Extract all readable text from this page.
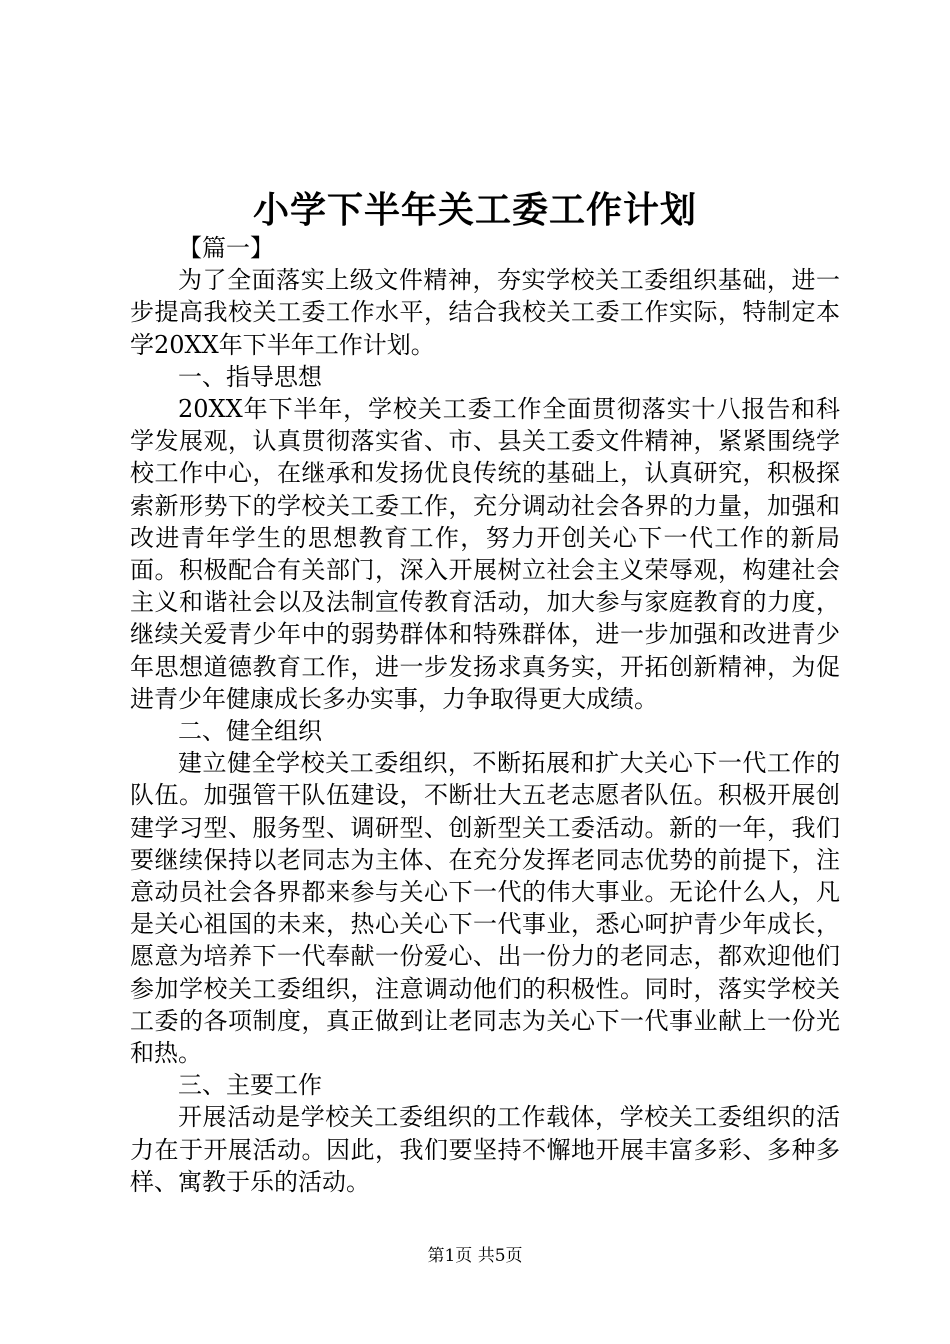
小学下半年关工委工作计划

【篇一】

为了全面落实上级文件精神，夯实学校关工委组织基础，进一步提高我校关工委工作水平，结合我校关工委工作实际，特制定本学20XX年下半年工作计划。

一、指导思想

20XX年下半年，学校关工委工作全面贯彻落实十八报告和科学发展观，认真贯彻落实省、市、县关工委文件精神，紧紧围绕学校工作中心，在继承和发扬优良传统的基础上，认真研究，积极探索新形势下的学校关工委工作，充分调动社会各界的力量，加强和改进青年学生的思想教育工作，努力开创关心下一代工作的新局面。积极配合有关部门，深入开展树立社会主义荣辱观，构建社会主义和谐社会以及法制宣传教育活动，加大参与家庭教育的力度，继续关爱青少年中的弱势群体和特殊群体，进一步加强和改进青少年思想道德教育工作，进一步发扬求真务实，开拓创新精神，为促进青少年健康成长多办实事，力争取得更大成绩。

二、健全组织

建立健全学校关工委组织，不断拓展和扩大关心下一代工作的队伍。加强管干队伍建设，不断壮大五老志愿者队伍。积极开展创建学习型、服务型、调研型、创新型关工委活动。新的一年，我们要继续保持以老同志为主体、在充分发挥老同志优势的前提下，注意动员社会各界都来参与关心下一代的伟大事业。无论什么人，凡是关心祖国的未来，热心关心下一代事业，悉心呵护青少年成长，愿意为培养下一代奉献一份爱心、出一份力的老同志，都欢迎他们参加学校关工委组织，注意调动他们的积极性。同时，落实学校关工委的各项制度，真正做到让老同志为关心下一代事业献上一份光和热。

三、主要工作

开展活动是学校关工委组织的工作载体，学校关工委组织的活力在于开展活动。因此，我们要坚持不懈地开展丰富多彩、多种多样、寓教于乐的活动。

第1页 共5页
